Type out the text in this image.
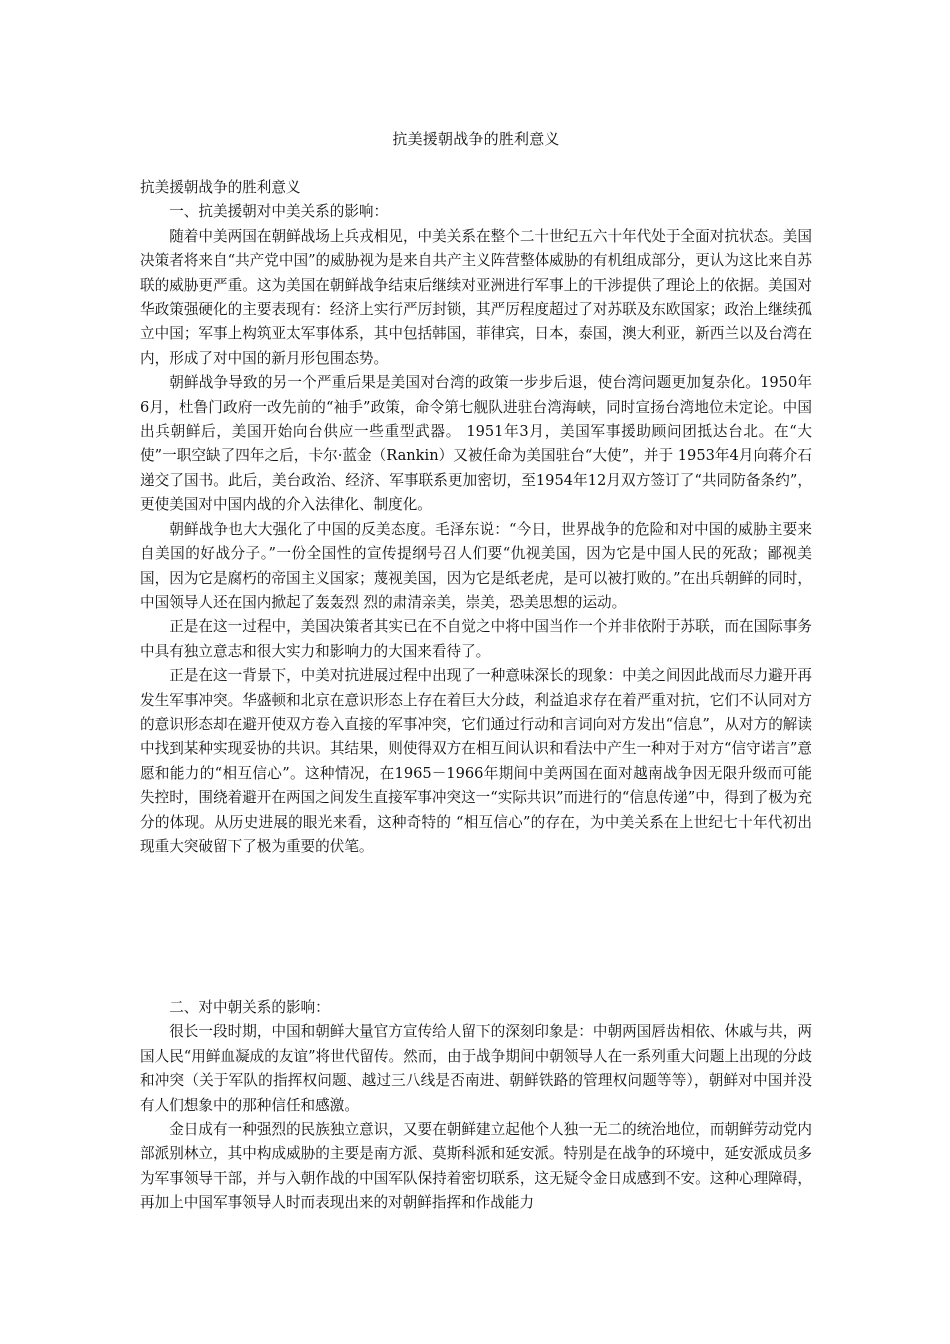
抗美援朝战争的胜利意义

抗美援朝战争的胜利意义

一、抗美援朝对中美关系的影响：

随着中美两国在朝鲜战场上兵戎相见，中美关系在整个二十世纪五六十年代处于全面对抗状态。美国决策者将来自“共产党中国”的威胁视为是来自共产主义阵营整体威胁的有机组成部分，更认为这比来自苏联的威胁更严重。这为美国在朝鲜战争结束后继续对亚洲进行军事上的干涉提供了理论上的依据。美国对华政策强硬化的主要表现有：经济上实行严厉封锁，其严厉程度超过了对苏联及东欧国家；政治上继续孤立中国；军事上构筑亚太军事体系，其中包括韩国，菲律宾，日本，泰国，澳大利亚，新西兰以及台湾在内，形成了对中国的新月形包围态势。

朝鲜战争导致的另一个严重后果是美国对台湾的政策一步步后退，使台湾问题更加复杂化。1950年6月，杜鲁门政府一改先前的“袖手”政策，命令第七舰队进驻台湾海峡，同时宣扬台湾地位未定论。中国出兵朝鲜后，美国开始向台供应一些重型武器。 1951年3月，美国军事援助顾问团抵达台北。在“大使”一职空缺了四年之后，卡尔·蓝金（Rankin）又被任命为美国驻台“大使”，并于 1953年4月向蒋介石递交了国书。此后，美台政治、经济、军事联系更加密切，至1954年12月双方签订了“共同防备条约”，更使美国对中国内战的介入法律化、制度化。

朝鲜战争也大大强化了中国的反美态度。毛泽东说：“今日，世界战争的危险和对中国的威胁主要来自美国的好战分子。”一份全国性的宣传提纲号召人们要“仇视美国，因为它是中国人民的死敌；鄙视美国，因为它是腐朽的帝国主义国家；蔑视美国，因为它是纸老虎，是可以被打败的。”在出兵朝鲜的同时，中国领导人还在国内掀起了轰轰烈 烈的肃清亲美，崇美，恐美思想的运动。

正是在这一过程中，美国决策者其实已在不自觉之中将中国当作一个并非依附于苏联，而在国际事务中具有独立意志和很大实力和影响力的大国来看待了。

正是在这一背景下，中美对抗进展过程中出现了一种意味深长的现象：中美之间因此战而尽力避开再发生军事冲突。华盛顿和北京在意识形态上存在着巨大分歧，利益追求存在着严重对抗，它们不认同对方的意识形态却在避开使双方卷入直接的军事冲突，它们通过行动和言词向对方发出“信息”，从对方的解读中找到某种实现妥协的共识。其结果，则使得双方在相互间认识和看法中产生一种对于对方“信守诺言”意愿和能力的“相互信心”。这种情况，在1965－1966年期间中美两国在面对越南战争因无限升级而可能失控时，围绕着避开在两国之间发生直接军事冲突这一“实际共识”而进行的“信息传递”中，得到了极为充分的体现。从历史进展的眼光来看，这种奇特的 “相互信心”的存在，为中美关系在上世纪七十年代初出现重大突破留下了极为重要的伏笔。

二、对中朝关系的影响：

很长一段时期，中国和朝鲜大量官方宣传给人留下的深刻印象是：中朝两国唇齿相依、休戚与共，两国人民“用鲜血凝成的友谊”将世代留传。然而，由于战争期间中朝领导人在一系列重大问题上出现的分歧和冲突（关于军队的指挥权问题、越过三八线是否南进、朝鲜铁路的管理权问题等等），朝鲜对中国并没有人们想象中的那种信任和感激。

金日成有一种强烈的民族独立意识，又要在朝鲜建立起他个人独一无二的统治地位，而朝鲜劳动党内部派别林立，其中构成威胁的主要是南方派、莫斯科派和延安派。特别是在战争的环境中，延安派成员多为军事领导干部，并与入朝作战的中国军队保持着密切联系，这无疑令金日成感到不安。这种心理障碍，再加上中国军事领导人时而表现出来的对朝鲜指挥和作战能力
